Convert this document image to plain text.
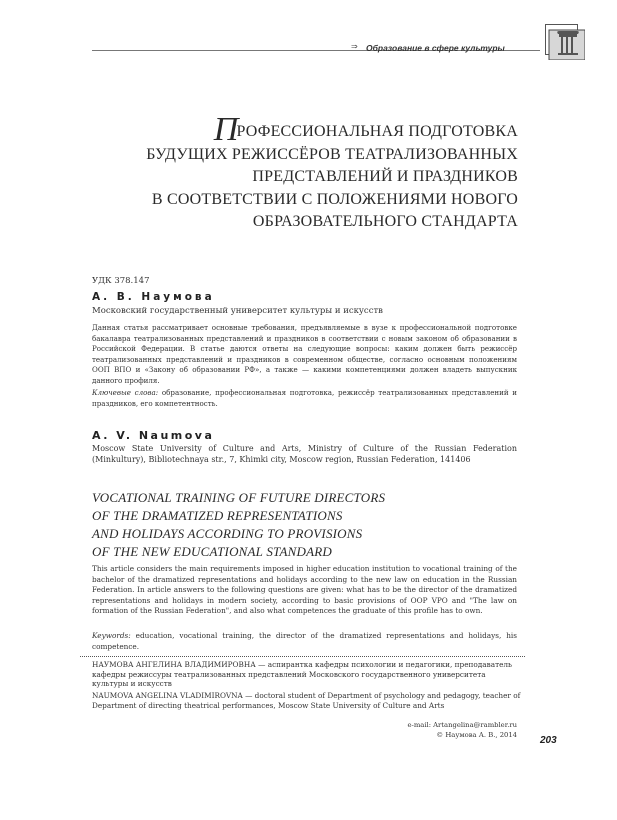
⇒ Образование в сфере культуры
ПРОФЕССИОНАЛЬНАЯ ПОДГОТОВКА
БУДУЩИХ РЕЖИССЁРОВ ТЕАТРАЛИЗОВАННЫХ
ПРЕДСТАВЛЕНИЙ И ПРАЗДНИКОВ
В СООТВЕТСТВИИ С ПОЛОЖЕНИЯМИ НОВОГО
ОБРАЗОВАТЕЛЬНОГО СТАНДАРТА
УДК 378.147
А. В. Наумова
Московский государственный университет культуры и искусств
Данная статья рассматривает основные требования, предъявляемые в вузе к профессиональной подготовке бакалавра театрализованных представлений и праздников в соответствии с новым законом об образовании в Российской Федерации. В статье даются ответы на следующие вопросы: каким должен быть режиссёр театрализованных представлений и праздников в современном обществе, согласно основным положениям ООП ВПО и «Закону об образовании РФ», а также — какими компетенциями должен владеть выпускник данного профиля.
Ключевые слова: образование, профессиональная подготовка, режиссёр театрализованных представлений и праздников, его компетентность.
A. V. Naumova
Moscow State University of Culture and Arts, Ministry of Culture of the Russian Federation (Minkultury), Bibliotechnaya str., 7, Khimki city, Moscow region, Russian Federation, 141406
VOCATIONAL TRAINING OF FUTURE DIRECTORS
OF THE DRAMATIZED REPRESENTATIONS
AND HOLIDAYS ACCORDING TO PROVISIONS
OF THE NEW EDUCATIONAL STANDARD
This article considers the main requirements imposed in higher education institution to vocational training of the bachelor of the dramatized representations and holidays according to the new law on education in the Russian Federation. In article answers to the following questions are given: what has to be the director of the dramatized representations and holidays in modern society, according to basic provisions of OOP VPO and "The law on formation of the Russian Federation", and also what competences the graduate of this profile has to own.
Keywords: education, vocational training, the director of the dramatized representations and holidays, his competence.
НАУМОВА АНГЕЛИНА ВЛАДИМИРОВНА — аспирантка кафедры психологии и педагогики, преподаватель кафедры режиссуры театрализованных представлений Московского государственного университета культуры и искусств
NAUMOVA ANGELINA VLADIMIROVNA — doctoral student of Department of psychology and pedagogy, teacher of Department of directing theatrical performances, Moscow State University of Culture and Arts
e-mail: Artangelina@rambler.ru
© Наумова А. В., 2014 203
